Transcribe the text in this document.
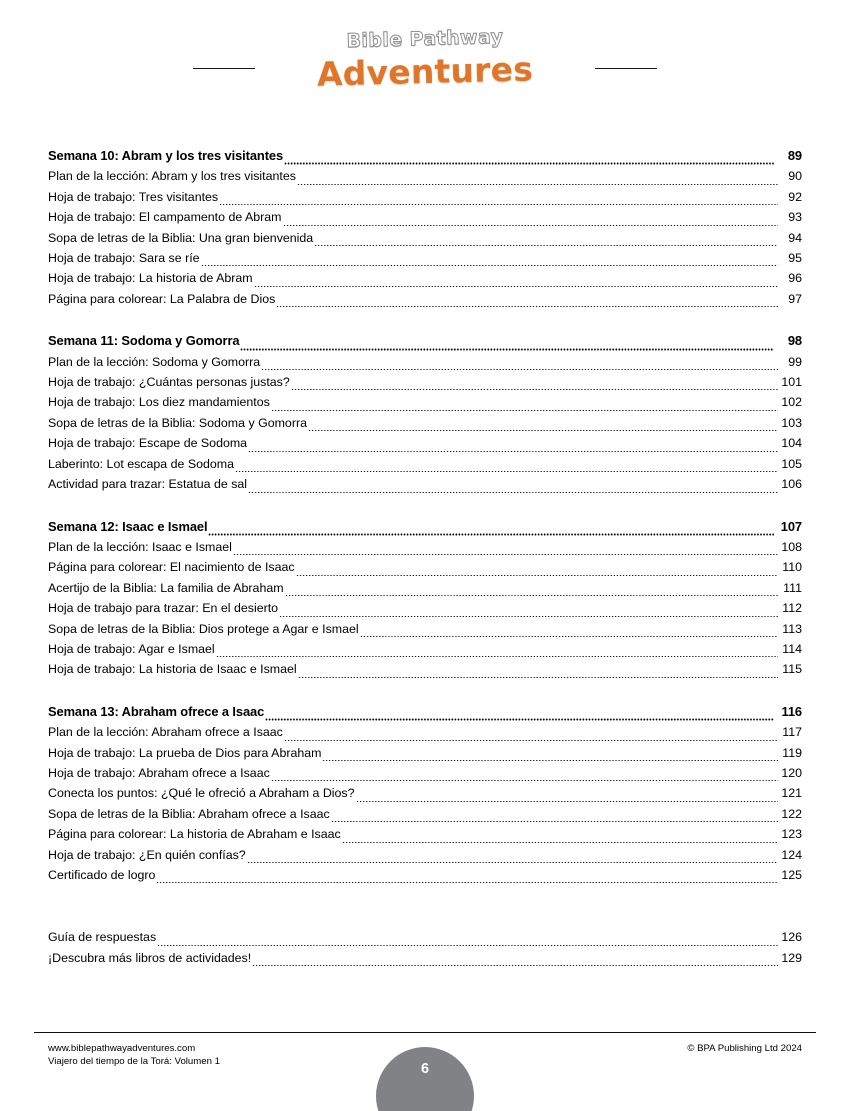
Bible Pathway
Adventures
Semana 10: Abram y los tres visitantes	89
Plan de la lección: Abram y los tres visitantes	90
Hoja de trabajo: Tres visitantes	92
Hoja de trabajo: El campamento de Abram	93
Sopa de letras de la Biblia: Una gran bienvenida	94
Hoja de trabajo: Sara se ríe	95
Hoja de trabajo: La historia de Abram	96
Página para colorear: La Palabra de Dios	97
Semana 11: Sodoma y Gomorra	98
Plan de la lección: Sodoma y Gomorra	99
Hoja de trabajo: ¿Cuántas personas justas?	101
Hoja de trabajo: Los diez mandamientos	102
Sopa de letras de la Biblia: Sodoma y Gomorra	103
Hoja de trabajo: Escape de Sodoma	104
Laberinto: Lot escapa de Sodoma	105
Actividad para trazar: Estatua de sal	106
Semana 12: Isaac e Ismael	107
Plan de la lección: Isaac e Ismael	108
Página para colorear: El nacimiento de Isaac	110
Acertijo de la Biblia: La familia de Abraham	111
Hoja de trabajo para trazar: En el desierto	112
Sopa de letras de la Biblia: Dios protege a Agar e Ismael	113
Hoja de trabajo: Agar e Ismael	114
Hoja de trabajo: La historia de Isaac e Ismael	115
Semana 13: Abraham ofrece a Isaac	116
Plan de la lección: Abraham ofrece a Isaac	117
Hoja de trabajo: La prueba de Dios para Abraham	119
Hoja de trabajo: Abraham ofrece a Isaac	120
Conecta los puntos: ¿Qué le ofreció a Abraham a Dios?	121
Sopa de letras de la Biblia: Abraham ofrece a Isaac	122
Página para colorear: La historia de Abraham e Isaac	123
Hoja de trabajo: ¿En quién confías?	124
Certificado de logro	125
Guía de respuestas	126
¡Descubra más libros de actividades!	129
www.biblepathwayadventures.com
Viajero del tiempo de la Torá: Volumen 1	6
© BPA Publishing Ltd 2024
